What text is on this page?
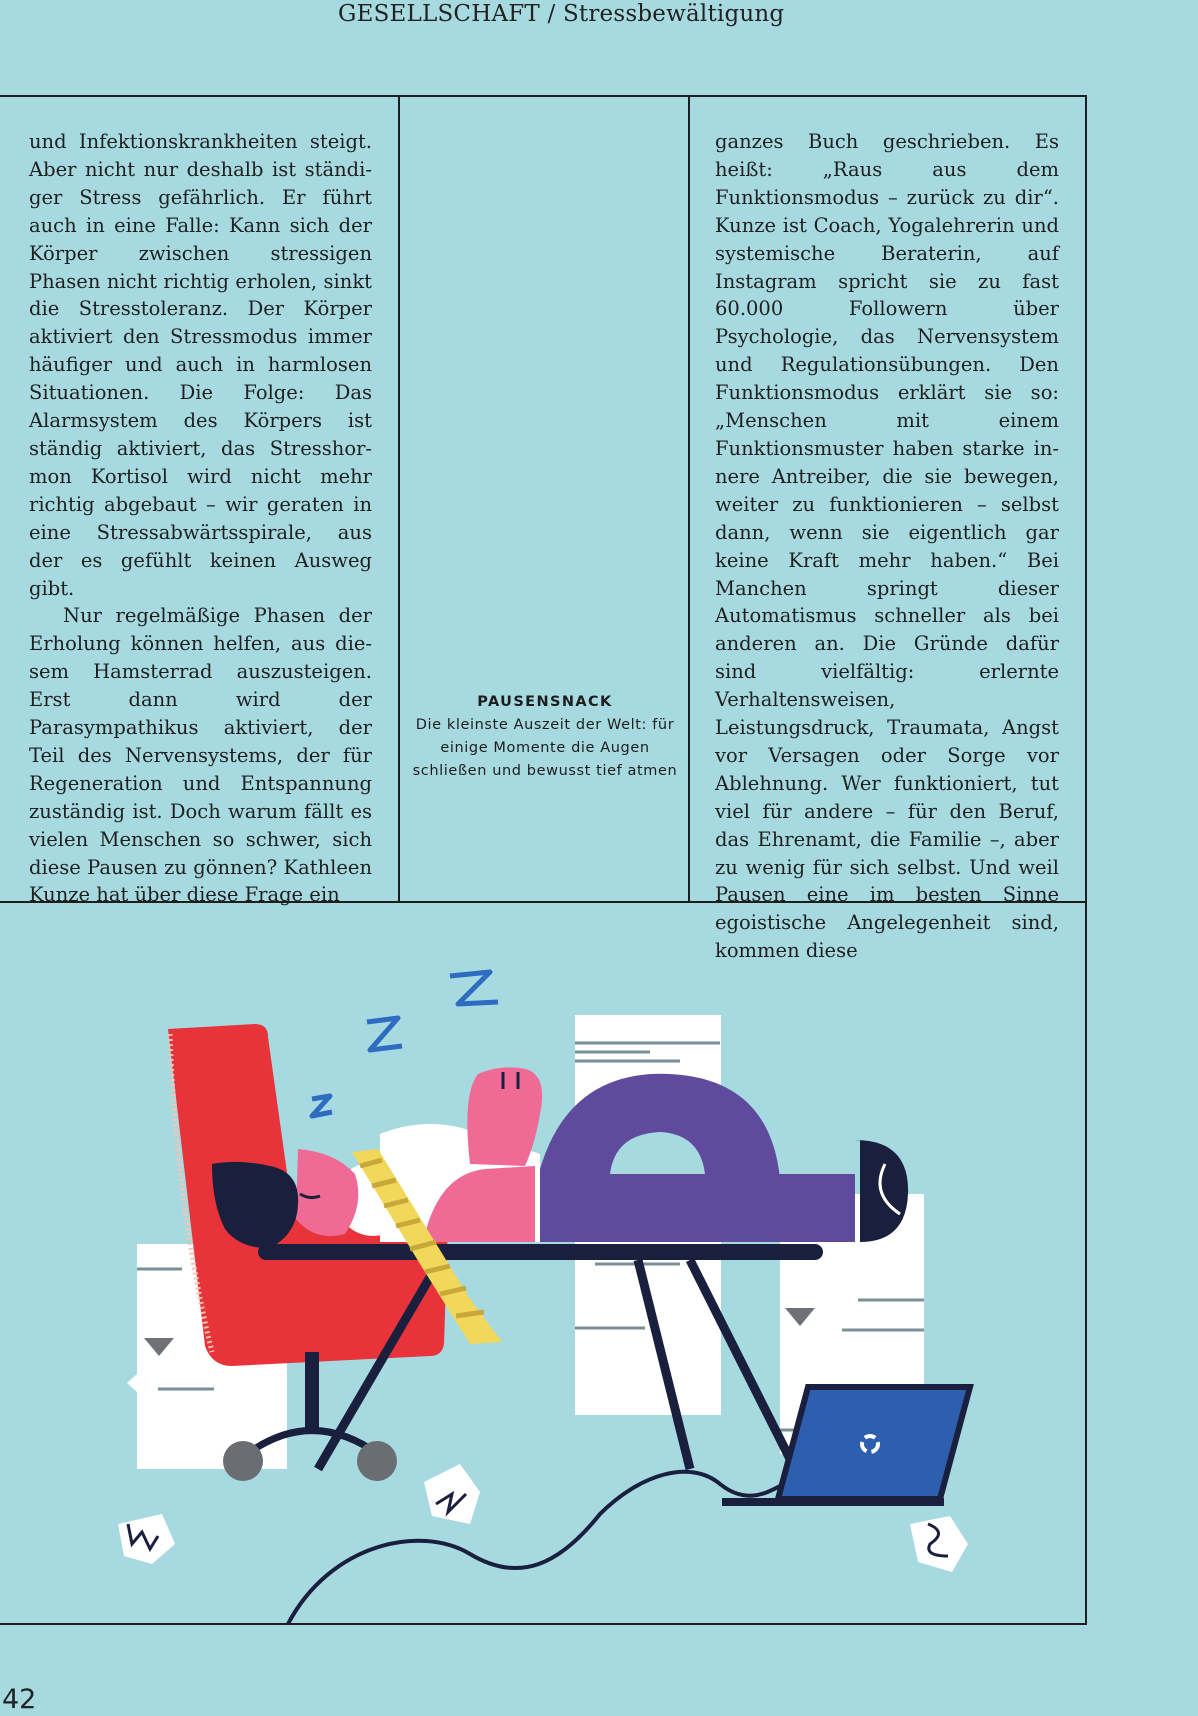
GESELLSCHAFT / Stressbewältigung

und Infektionskrankheiten steigt. Aber nicht nur deshalb ist ständiger Stress gefährlich. Er führt auch in eine Falle: Kann sich der Körper zwischen stressigen Phasen nicht richtig erholen, sinkt die Stresstoleranz. Der Körper aktiviert den Stressmodus immer häufiger und auch in harmlosen Situationen. Die Folge: Das Alarmsystem des Körpers ist ständig aktiviert, das Stresshormon Kortisol wird nicht mehr richtig abgebaut – wir geraten in eine Stressabwärtsspirale, aus der es gefühlt keinen Ausweg gibt.

Nur regelmäßige Phasen der Erholung können helfen, aus diesem Hamsterrad auszusteigen. Erst dann wird der Parasympathikus aktiviert, der Teil des Nervensystems, der für Regeneration und Entspannung zuständig ist. Doch warum fällt es vielen Menschen so schwer, sich diese Pausen zu gönnen? Kathleen Kunze hat über diese Frage ein

PAUSENSNACK
Die kleinste Auszeit der Welt: für einige Momente die Augen schließen und bewusst tief atmen

ganzes Buch geschrieben. Es heißt: „Raus aus dem Funktionsmodus – zurück zu dir“. Kunze ist Coach, Yogalehrerin und systemische Beraterin, auf Instagram spricht sie zu fast 60.000 Followern über Psychologie, das Nervensystem und Regulationsübungen. Den Funktionsmodus erklärt sie so: „Menschen mit einem Funktionsmuster haben starke innere Antreiber, die sie bewegen, weiter zu funktionieren – selbst dann, wenn sie eigentlich gar keine Kraft mehr haben.“ Bei Manchen springt dieser Automatismus schneller als bei anderen an. Die Gründe dafür sind vielfältig: erlernte Verhaltensweisen, Leistungsdruck, Traumata, Angst vor Versagen oder Sorge vor Ablehnung. Wer funktioniert, tut viel für andere – für den Beruf, das Ehrenamt, die Familie –, aber zu wenig für sich selbst. Und weil Pausen eine im besten Sinne egoistische Angelegenheit sind, kommen diese

42
